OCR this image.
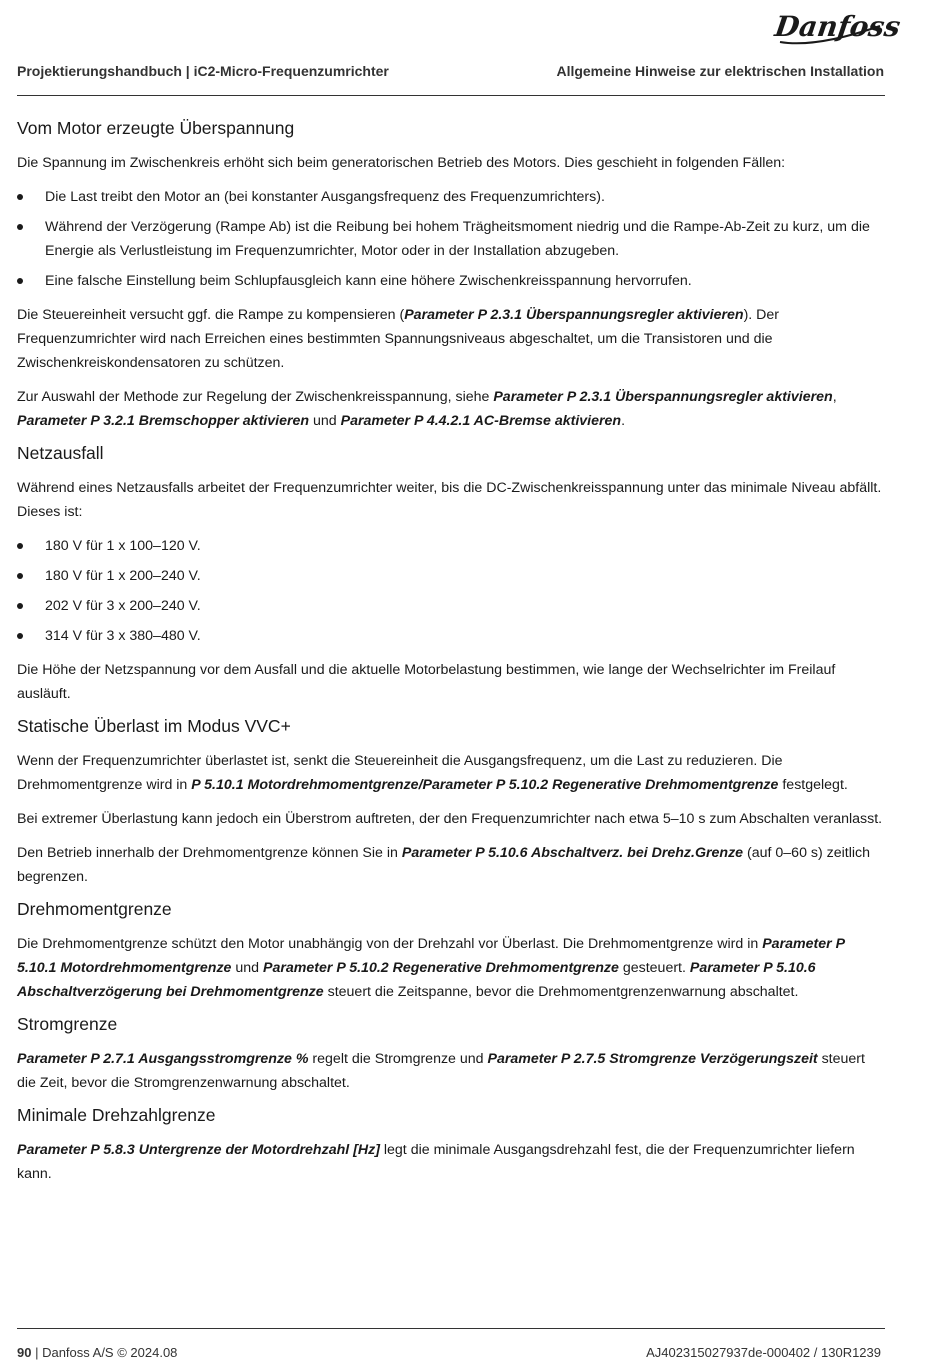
Danfoss
Projektierungshandbuch | iC2-Micro-Frequenzumrichter	Allgemeine Hinweise zur elektrischen Installation
Vom Motor erzeugte Überspannung

Die Spannung im Zwischenkreis erhöht sich beim generatorischen Betrieb des Motors. Dies geschieht in folgenden Fällen:

Die Last treibt den Motor an (bei konstanter Ausgangsfrequenz des Frequenzumrichters).
Während der Verzögerung (Rampe Ab) ist die Reibung bei hohem Trägheitsmoment niedrig und die Rampe-Ab-Zeit zu kurz, um die Energie als Verlustleistung im Frequenzumrichter, Motor oder in der Installation abzugeben.
Eine falsche Einstellung beim Schlupfausgleich kann eine höhere Zwischenkreisspannung hervorrufen.

Die Steuereinheit versucht ggf. die Rampe zu kompensieren (Parameter P 2.3.1 Überspannungsregler aktivieren). Der Frequenzumrichter wird nach Erreichen eines bestimmten Spannungsniveaus abgeschaltet, um die Transistoren und die Zwischenkreiskondensatoren zu schützen.

Zur Auswahl der Methode zur Regelung der Zwischenkreisspannung, siehe Parameter P 2.3.1 Überspannungsregler aktivieren, Parameter P 3.2.1 Bremschopper aktivieren und Parameter P 4.4.2.1 AC-Bremse aktivieren.

Netzausfall

Während eines Netzausfalls arbeitet der Frequenzumrichter weiter, bis die DC-Zwischenkreisspannung unter das minimale Niveau abfällt. Dieses ist:

180 V für 1 x 100–120 V.
180 V für 1 x 200–240 V.
202 V für 3 x 200–240 V.
314 V für 3 x 380–480 V.

Die Höhe der Netzspannung vor dem Ausfall und die aktuelle Motorbelastung bestimmen, wie lange der Wechselrichter im Freilauf ausläuft.

Statische Überlast im Modus VVC+

Wenn der Frequenzumrichter überlastet ist, senkt die Steuereinheit die Ausgangsfrequenz, um die Last zu reduzieren. Die Drehmomentgrenze wird in P 5.10.1 Motordrehmomentgrenze/Parameter P 5.10.2 Regenerative Drehmomentgrenze festgelegt.

Bei extremer Überlastung kann jedoch ein Überstrom auftreten, der den Frequenzumrichter nach etwa 5–10 s zum Abschalten veranlasst.

Den Betrieb innerhalb der Drehmomentgrenze können Sie in Parameter P 5.10.6 Abschaltverz. bei Drehz.Grenze (auf 0–60 s) zeitlich begrenzen.

Drehmomentgrenze

Die Drehmomentgrenze schützt den Motor unabhängig von der Drehzahl vor Überlast. Die Drehmomentgrenze wird in Parameter P 5.10.1 Motordrehmomentgrenze und Parameter P 5.10.2 Regenerative Drehmomentgrenze gesteuert. Parameter P 5.10.6 Abschaltverzögerung bei Drehmomentgrenze steuert die Zeitspanne, bevor die Drehmomentgrenzenwarnung abschaltet.

Stromgrenze

Parameter P 2.7.1 Ausgangsstromgrenze % regelt die Stromgrenze und Parameter P 2.7.5 Stromgrenze Verzögerungszeit steuert die Zeit, bevor die Stromgrenzenwarnung abschaltet.

Minimale Drehzahlgrenze

Parameter P 5.8.3 Untergrenze der Motordrehzahl [Hz] legt die minimale Ausgangsdrehzahl fest, die der Frequenzumrichter liefern kann.

90 | Danfoss A/S © 2024.08	AJ402315027937de-000402 / 130R1239
